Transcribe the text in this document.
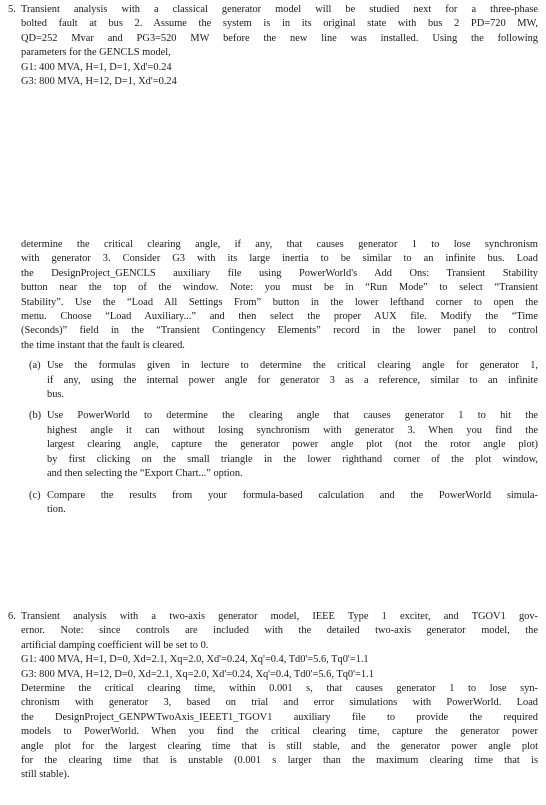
5. Transient analysis with a classical generator model will be studied next for a three-phase
bolted fault at bus 2. Assume the system is in its original state with bus 2 PD=720 MW,
QD=252 Mvar and PG3=520 MW before the new line was installed. Using the following
parameters for the GENCLS model,
G1: 400 MVA, H=1, D=1, Xd'=0.24
G3: 800 MVA, H=12, D=1, Xd'=0.24
determine the critical clearing angle, if any, that causes generator 1 to lose synchronism
with generator 3. Consider G3 with its large inertia to be similar to an infinite bus. Load
the DesignProject_GENCLS auxiliary file using PowerWorld's Add Ons: Transient Stability
button near the top of the window. Note: you must be in “Run Mode” to select “Transient
Stability”. Use the “Load All Settings From” button in the lower lefthand corner to open the
menu. Choose “Load Auxiliary...” and then select the proper AUX file. Modify the “Time
(Seconds)” field in the “Transient Contingency Elements” record in the lower panel to control
the time instant that the fault is cleared.
(a) Use the formulas given in lecture to determine the critical clearing angle for generator 1,
if any, using the internal power angle for generator 3 as a reference, similar to an infinite
bus.
(b) Use PowerWorld to determine the clearing angle that causes generator 1 to hit the
highest angle it can without losing synchronism with generator 3. When you find the
largest clearing angle, capture the generator power angle plot (not the rotor angle plot)
by first clicking on the small triangle in the lower righthand corner of the plot window,
and then selecting the “Export Chart...” option.
(c) Compare the results from your formula-based calculation and the PowerWorld simula-
tion.
6. Transient analysis with a two-axis generator model, IEEE Type 1 exciter, and TGOV1 gov-
ernor. Note: since controls are included with the detailed two-axis generator model, the
artificial damping coefficient will be set to 0.
G1: 400 MVA, H=1, D=0, Xd=2.1, Xq=2.0, Xd'=0.24, Xq'=0.4, Td0'=5.6, Tq0'=1.1
G3: 800 MVA, H=12, D=0, Xd=2.1, Xq=2.0, Xd'=0.24, Xq'=0.4, Td0'=5.6, Tq0'=1.1
Determine the critical clearing time, within 0.001 s, that causes generator 1 to lose syn-
chronism with generator 3, based on trial and error simulations with PowerWorld. Load
the DesignProject_GENPWTwoAxis_IEEET1_TGOV1 auxiliary file to provide the required
models to PowerWorld. When you find the critical clearing time, capture the generator power
angle plot for the largest clearing time that is still stable, and the generator power angle plot
for the clearing time that is unstable (0.001 s larger than the maximum clearing time that is
still stable).
